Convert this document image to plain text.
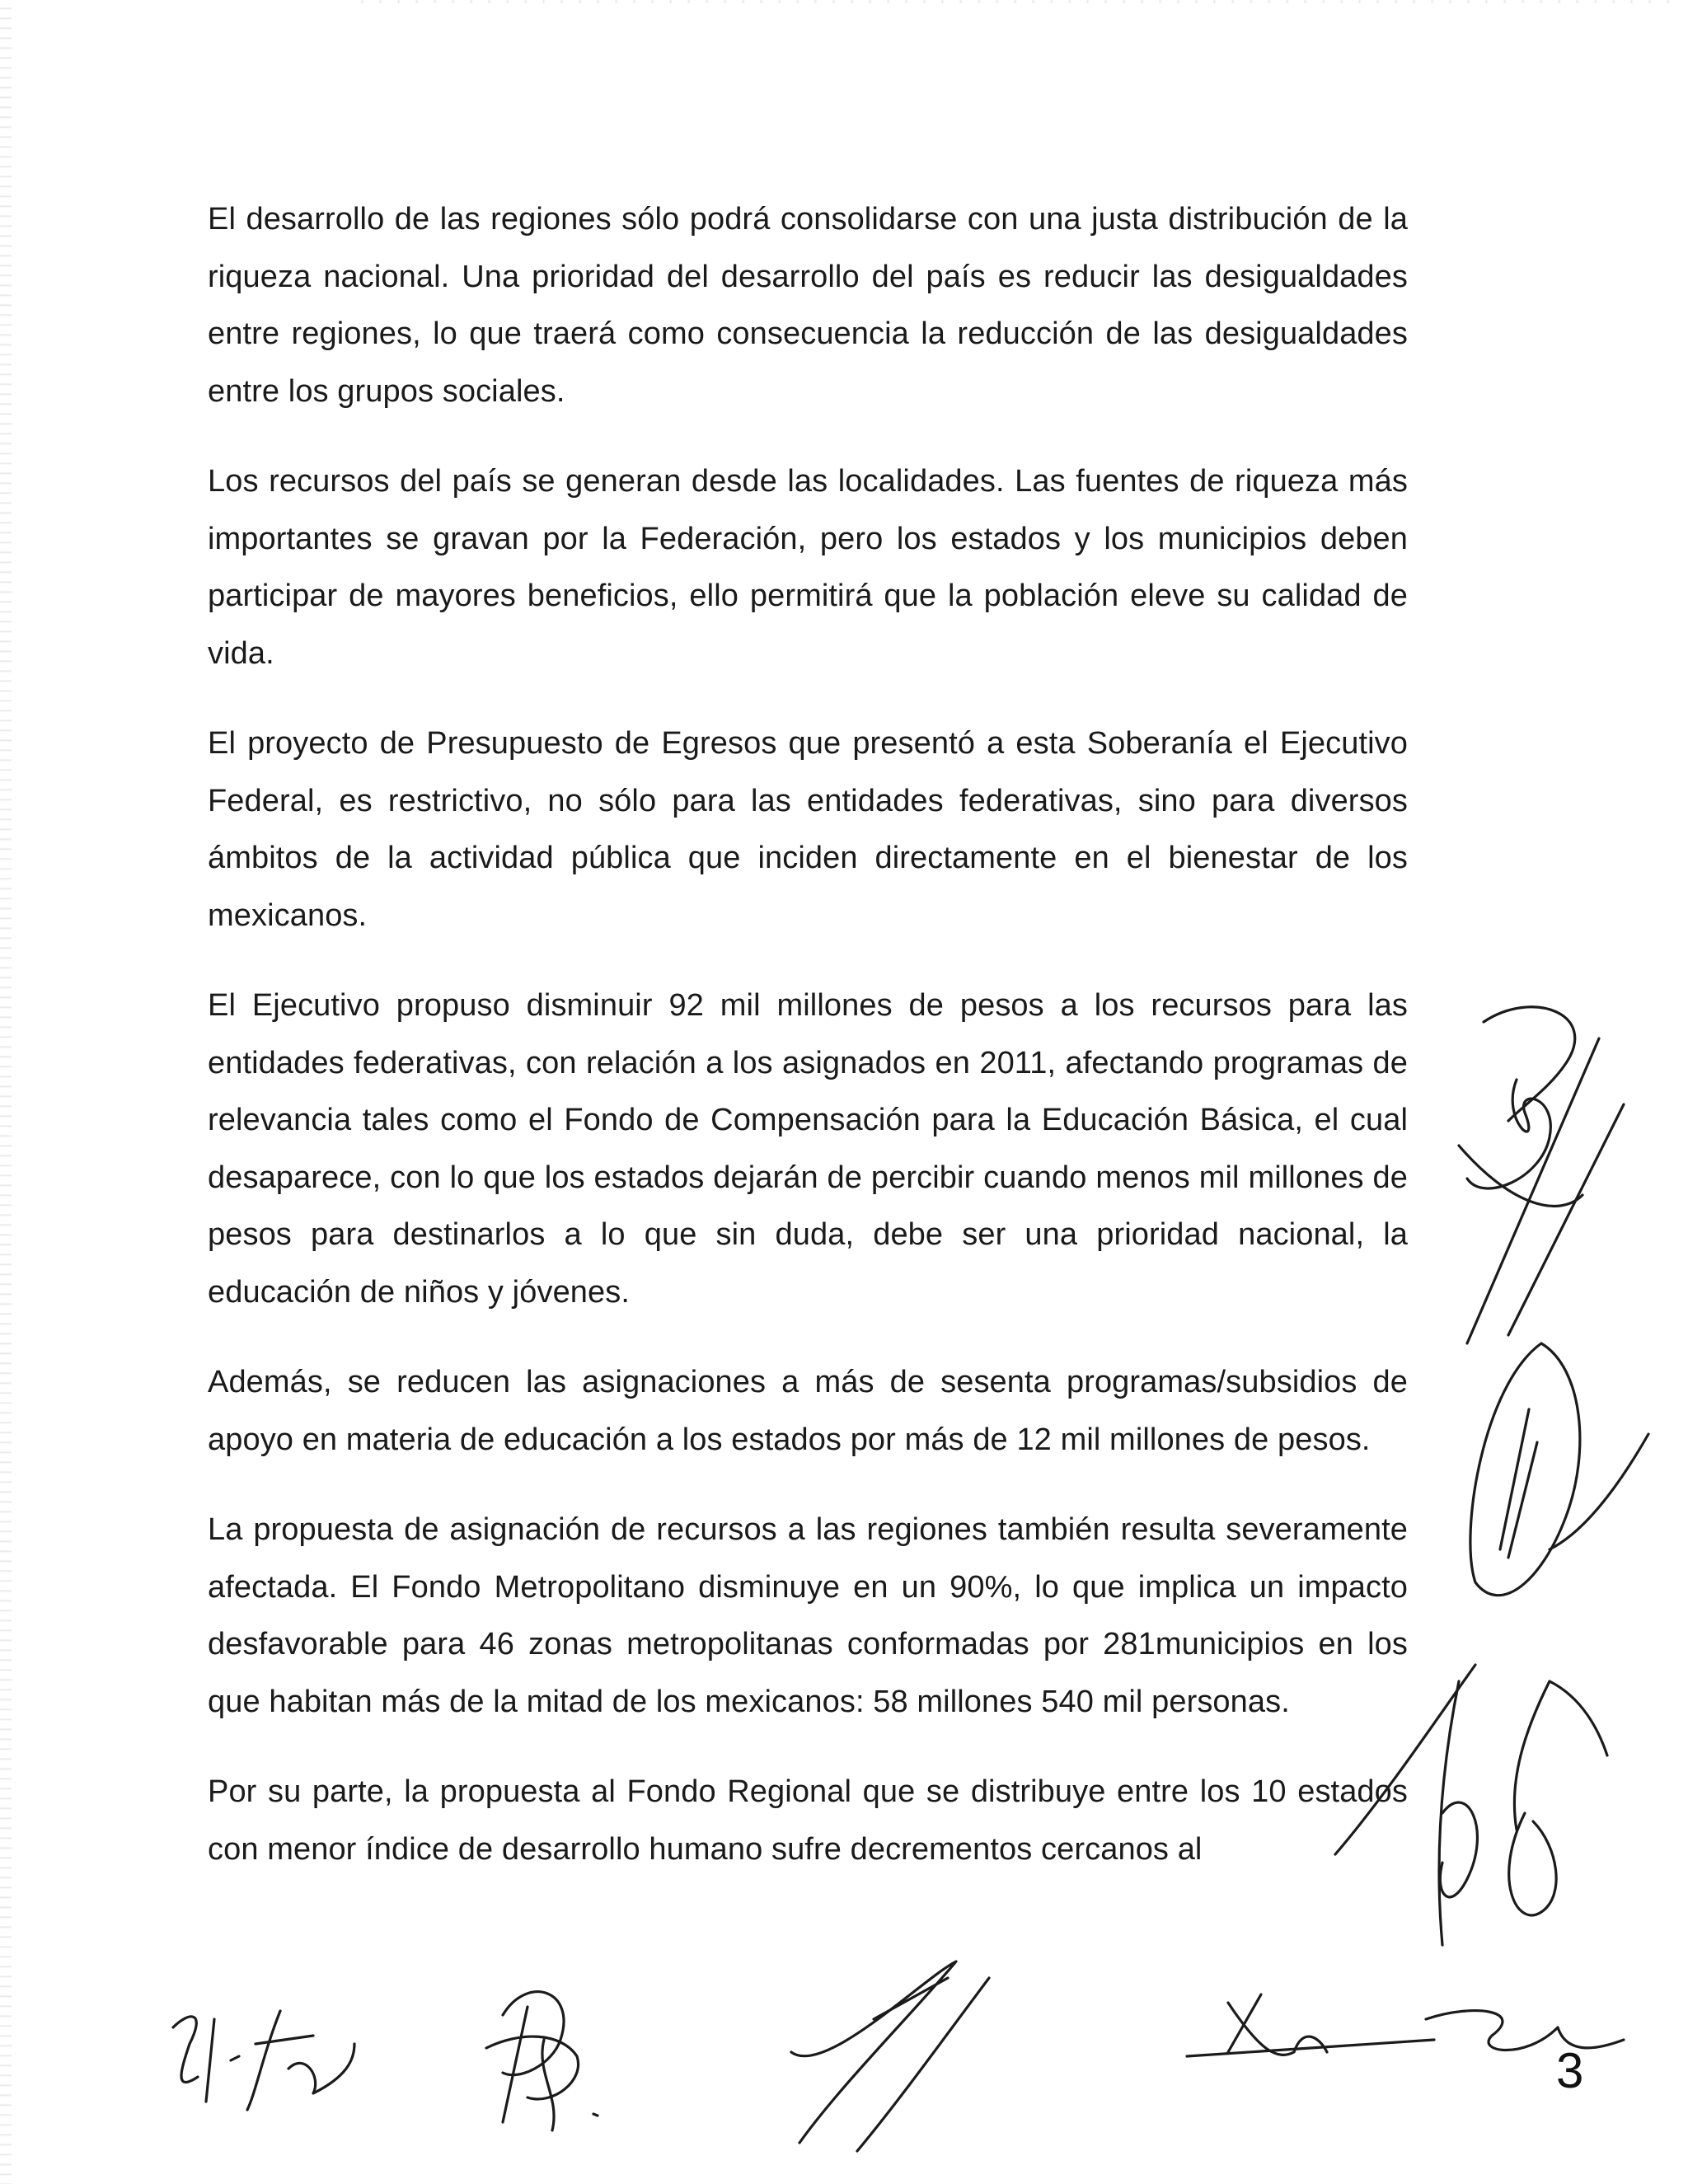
El desarrollo de las regiones sólo podrá consolidarse con una justa distribución de la riqueza nacional. Una prioridad del desarrollo del país es reducir las desigualdades entre regiones, lo que traerá como consecuencia la reducción de las desigualdades entre los grupos sociales.

Los recursos del país se generan desde las localidades. Las fuentes de riqueza más importantes se gravan por la Federación, pero los estados y los municipios deben participar de mayores beneficios, ello permitirá que la población eleve su calidad de vida.

El proyecto de Presupuesto de Egresos que presentó a esta Soberanía el Ejecutivo Federal, es restrictivo, no sólo para las entidades federativas, sino para diversos ámbitos de la actividad pública que inciden directamente en el bienestar de los mexicanos.

El Ejecutivo propuso disminuir 92 mil millones de pesos a los recursos para las entidades federativas, con relación a los asignados en 2011, afectando programas de relevancia tales como el Fondo de Compensación para la Educación Básica, el cual desaparece, con lo que los estados dejarán de percibir cuando menos mil millones de pesos para destinarlos a lo que sin duda, debe ser una prioridad nacional, la educación de niños y jóvenes.

Además, se reducen las asignaciones a más de sesenta programas/subsidios de apoyo en materia de educación a los estados por más de 12 mil millones de pesos.

La propuesta de asignación de recursos a las regiones también resulta severamente afectada. El Fondo Metropolitano disminuye en un 90%, lo que implica un impacto desfavorable para 46 zonas metropolitanas conformadas por 281municipios en los que habitan más de la mitad de los mexicanos: 58 millones 540 mil personas.

Por su parte, la propuesta al Fondo Regional que se distribuye entre los 10 estados con menor índice de desarrollo humano sufre decrementos cercanos al

3
